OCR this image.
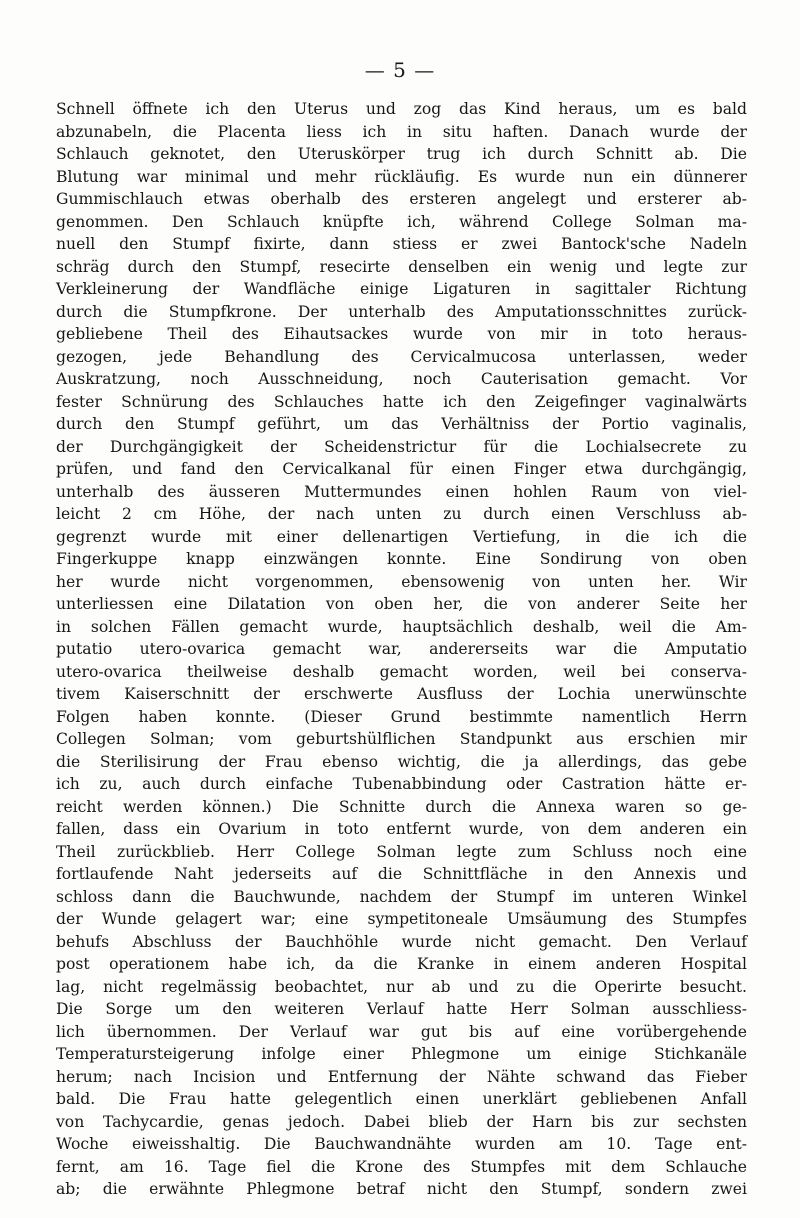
— 5 —
Schnell öffnete ich den Uterus und zog das Kind heraus, um es bald
abzunabeln, die Placenta liess ich in situ haften. Danach wurde der
Schlauch geknotet, den Uteruskörper trug ich durch Schnitt ab. Die
Blutung war minimal und mehr rückläufig. Es wurde nun ein dünnerer
Gummischlauch etwas oberhalb des ersteren angelegt und ersterer ab-
genommen. Den Schlauch knüpfte ich, während College Solman ma-
nuell den Stumpf fixirte, dann stiess er zwei Bantock'sche Nadeln
schräg durch den Stumpf, resecirte denselben ein wenig und legte zur
Verkleinerung der Wandfläche einige Ligaturen in sagittaler Richtung
durch die Stumpfkrone. Der unterhalb des Amputationsschnittes zurück-
gebliebene Theil des Eihautsackes wurde von mir in toto heraus-
gezogen, jede Behandlung des Cervicalmucosa unterlassen, weder
Auskratzung, noch Ausschneidung, noch Cauterisation gemacht. Vor
fester Schnürung des Schlauches hatte ich den Zeigefinger vaginalwärts
durch den Stumpf geführt, um das Verhältniss der Portio vaginalis,
der Durchgängigkeit der Scheidenstrictur für die Lochialsecrete zu
prüfen, und fand den Cervicalkanal für einen Finger etwa durchgängig,
unterhalb des äusseren Muttermundes einen hohlen Raum von viel-
leicht 2 cm Höhe, der nach unten zu durch einen Verschluss ab-
gegrenzt wurde mit einer dellenartigen Vertiefung, in die ich die
Fingerkuppe knapp einzwängen konnte. Eine Sondirung von oben
her wurde nicht vorgenommen, ebensowenig von unten her. Wir
unterliessen eine Dilatation von oben her, die von anderer Seite her
in solchen Fällen gemacht wurde, hauptsächlich deshalb, weil die Am-
putatio utero-ovarica gemacht war, andererseits war die Amputatio
utero-ovarica theilweise deshalb gemacht worden, weil bei conserva-
tivem Kaiserschnitt der erschwerte Ausfluss der Lochia unerwünschte
Folgen haben konnte. (Dieser Grund bestimmte namentlich Herrn
Collegen Solman; vom geburtshülflichen Standpunkt aus erschien mir
die Sterilisirung der Frau ebenso wichtig, die ja allerdings, das gebe
ich zu, auch durch einfache Tubenabbindung oder Castration hätte er-
reicht werden können.) Die Schnitte durch die Annexa waren so ge-
fallen, dass ein Ovarium in toto entfernt wurde, von dem anderen ein
Theil zurückblieb. Herr College Solman legte zum Schluss noch eine
fortlaufende Naht jederseits auf die Schnittfläche in den Annexis und
schloss dann die Bauchwunde, nachdem der Stumpf im unteren Winkel
der Wunde gelagert war; eine sympetitoneale Umsäumung des Stumpfes
behufs Abschluss der Bauchhöhle wurde nicht gemacht. Den Verlauf
post operationem habe ich, da die Kranke in einem anderen Hospital
lag, nicht regelmässig beobachtet, nur ab und zu die Operirte besucht.
Die Sorge um den weiteren Verlauf hatte Herr Solman ausschliess-
lich übernommen. Der Verlauf war gut bis auf eine vorübergehende
Temperatursteigerung infolge einer Phlegmone um einige Stichkanäle
herum; nach Incision und Entfernung der Nähte schwand das Fieber
bald. Die Frau hatte gelegentlich einen unerklärt gebliebenen Anfall
von Tachycardie, genas jedoch. Dabei blieb der Harn bis zur sechsten
Woche eiweisshaltig. Die Bauchwandnähte wurden am 10. Tage ent-
fernt, am 16. Tage fiel die Krone des Stumpfes mit dem Schlauche
ab; die erwähnte Phlegmone betraf nicht den Stumpf, sondern zwei
